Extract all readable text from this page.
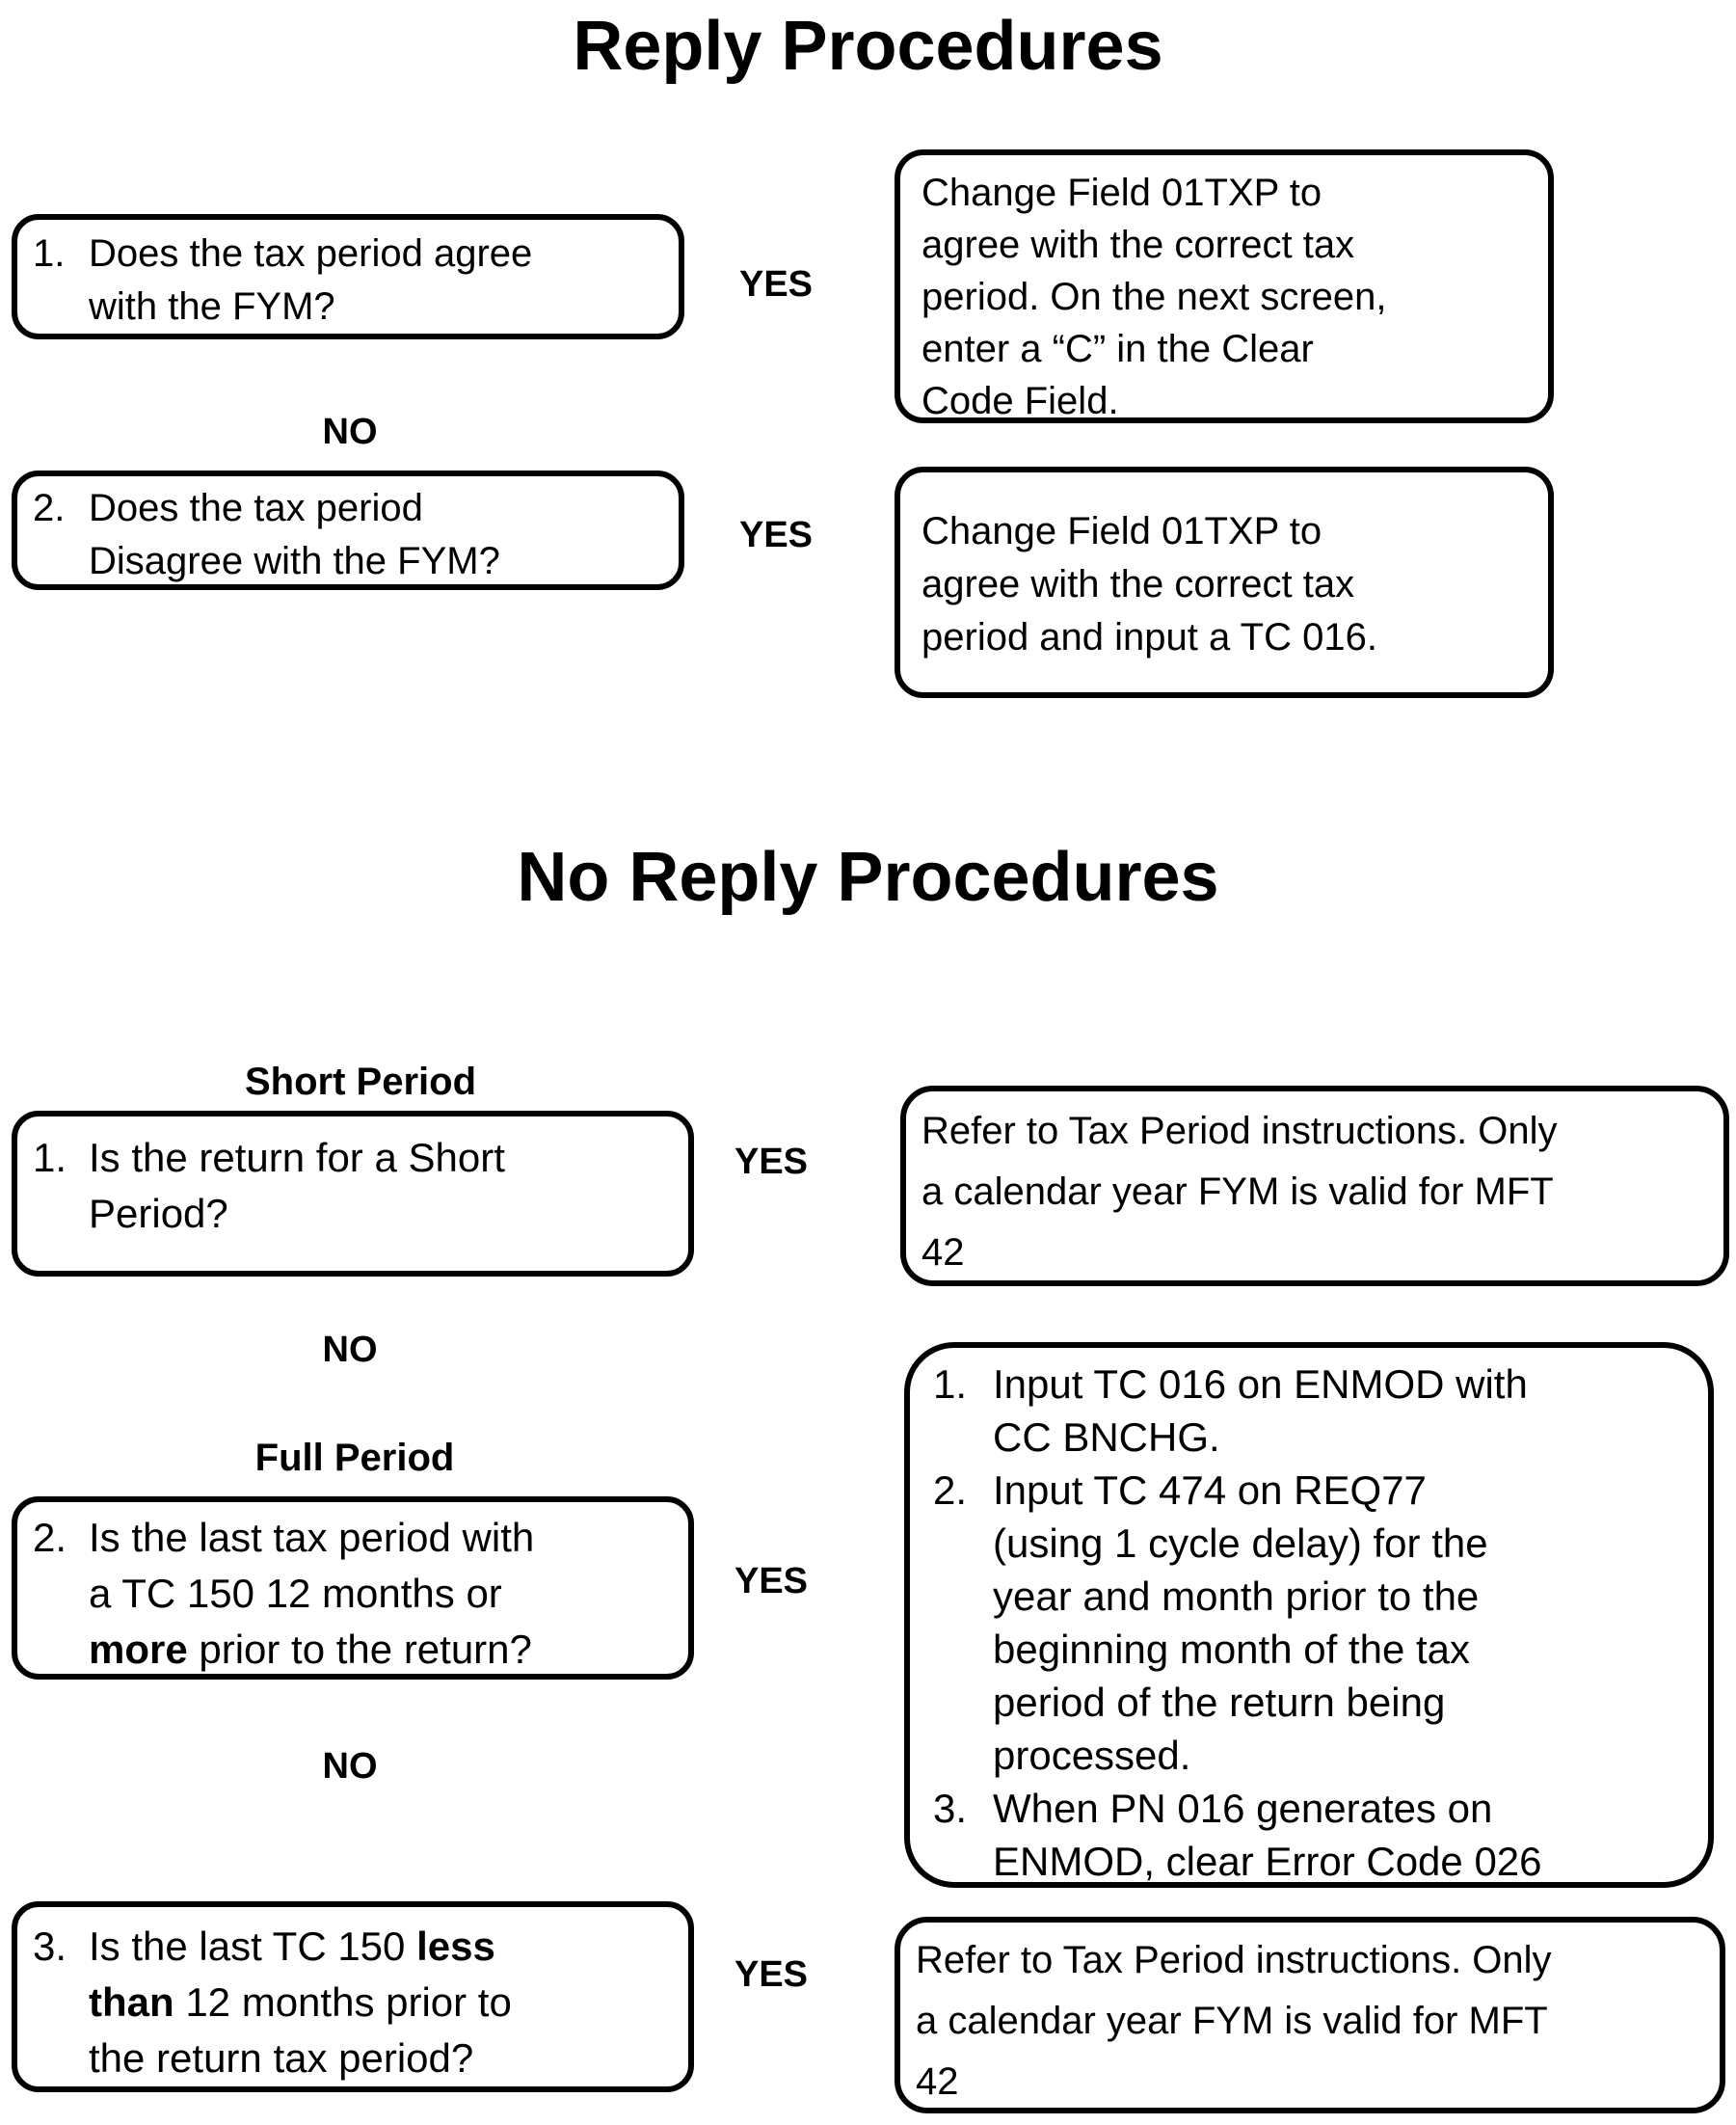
Reply Procedures
1. Does the tax period agree
with the FYM?
YES
Change Field 01TXP to
agree with the correct tax
period. On the next screen,
enter a “C” in the Clear
Code Field.
NO
2. Does the tax period
Disagree with the FYM?
YES	Change Field 01TXP to
agree with the correct tax
period and input a TC 016.
No Reply Procedures
Short Period
1. Is the return for a Short
Period?
YES
Refer to Tax Period instructions. Only
a calendar year FYM is valid for MFT
42
NO
Full Period
2. Is the last tax period with
a TC 150 12 months or
more prior to the return?
YES
1. Input TC 016 on ENMOD with
CC BNCHG.
2. Input TC 474 on REQ77
(using 1 cycle delay) for the
year and month prior to the
beginning month of the tax
period of the return being
processed.
3. When PN 016 generates on
ENMOD, clear Error Code 026
NO
3. Is the last TC 150 less
than 12 months prior to
the return tax period?
YES	Refer to Tax Period instructions. Only
a calendar year FYM is valid for MFT
42
